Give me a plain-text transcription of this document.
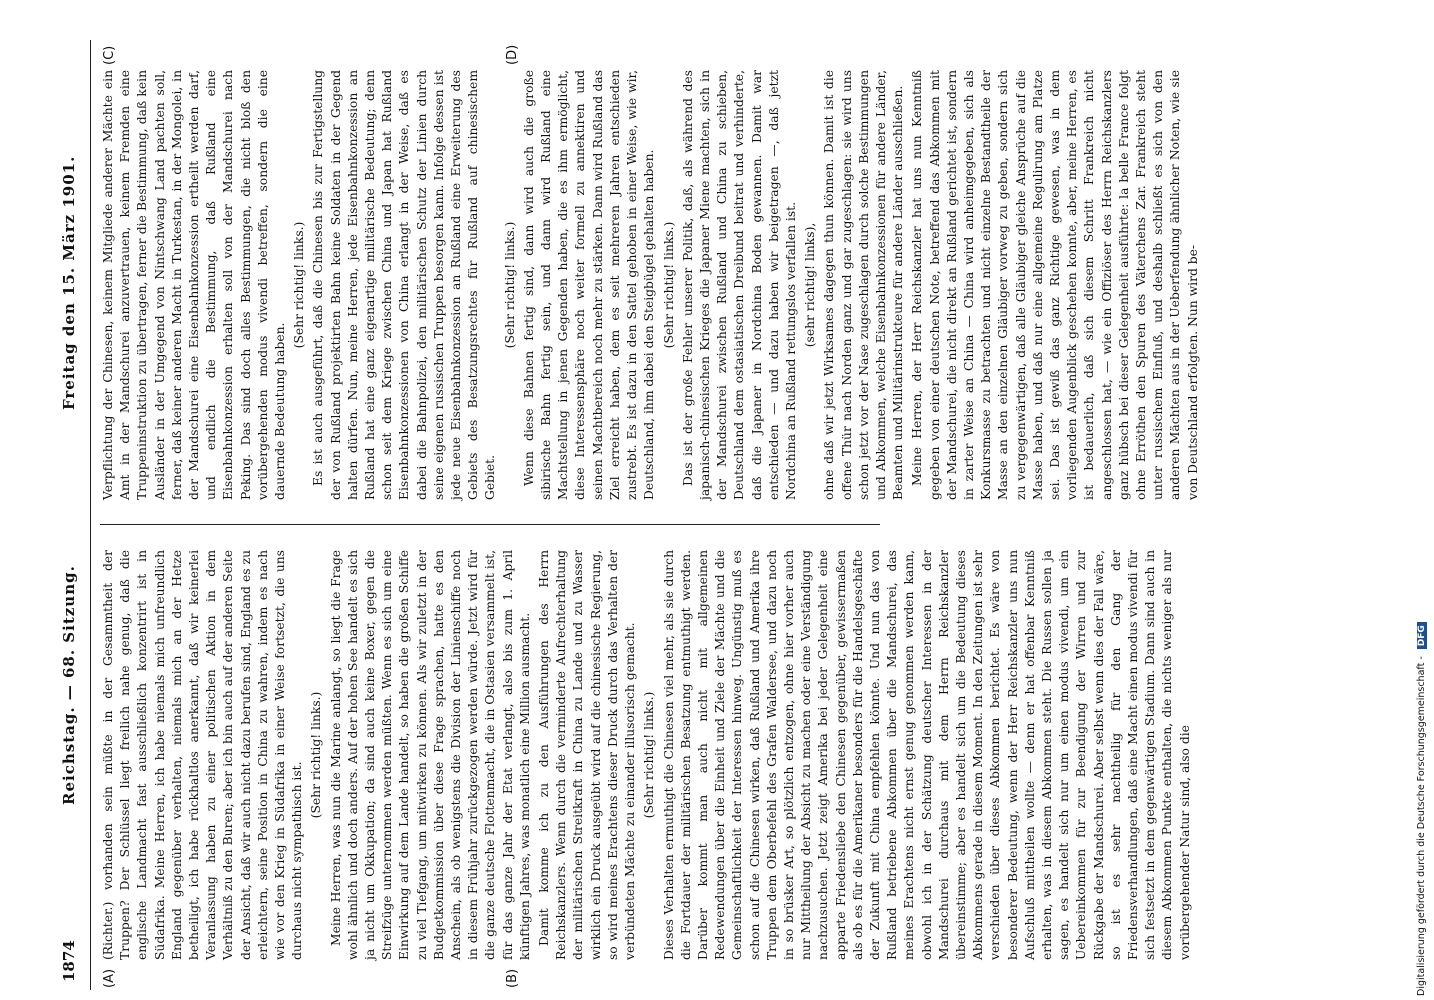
1874
Reichstag. — 68. Sitzung.
Freitag den 15. März 1901.
(A)	(B)
(C)	(D)

(Richter.) vorhanden sein müßte in der Gesammtheit der Truppen? Der Schlüssel liegt freilich nahe genug, daß die englische Landmacht fast ausschließlich konzentrirt ist in Südafrika. Meine Herren, ich habe niemals mich unfreundlich England gegenüber verhalten, niemals mich an der Hetze betheiligt, ich habe rückhaltlos anerkannt, daß wir keinerlei Veranlassung haben zu einer politischen Aktion in dem Verhältniß zu den Buren; aber ich bin auch auf der anderen Seite der Ansicht, daß wir auch nicht dazu berufen sind, England es zu erleichtern, seine Position in China zu wahren, indem es nach wie vor den Krieg in Südafrika in einer Weise fortsetzt, die uns durchaus nicht sympathisch ist.

(Sehr richtig! links.) Meine Herren, was nun die Marine anlangt, so liegt die Frage wohl ähnlich und doch anders. Auf der hohen See handelt es sich ja nicht um Okkupation; da sind auch keine Boxer, gegen die Streifzüge unternommen werden müßten. Wenn es sich um eine Einwirkung auf dem Lande handelt, so haben die großen Schiffe zu viel Tiefgang, um mitwirken zu können. Als wir zuletzt in der Budgetkommission über diese Frage sprachen, hatte es den Anschein, als ob wenigstens die Division der Linienschiffe noch in diesem Frühjahr zurückgezogen werden würde. Jetzt wird für die ganze deutsche Flottenmacht, die in Ostasien versammelt ist, für das ganze Jahr der Etat verlangt, also bis zum 1. April künftigen Jahres, was monatlich eine Million ausmacht. Damit komme ich zu den Ausführungen des Herrn Reichskanzlers. Wenn durch die verminderte Aufrechterhaltung der militärischen Streitkraft in China zu Lande und zu Wasser wirklich ein Druck ausgeübt wird auf die chinesische Regierung, so wird meines Erachtens dieser Druck durch das Verhalten der verbündeten Mächte zu einander illusorisch gemacht. (Sehr richtig! links.) Dieses Verhalten ermuthigt die Chinesen viel mehr, als sie durch die Fortdauer der militärischen Besatzung entmuthigt werden. Darüber kommt man auch nicht mit allgemeinen Redewendungen über die Einheit und Ziele der Mächte und die Gemeinschaftlichkeit der Interessen hinweg. Ungünstig muß es schon auf die Chinesen wirken, daß Rußland und Amerika ihre Truppen dem Oberbefehl des Grafen Waldersee, und dazu noch in so brüsker Art, so plötzlich entzogen, ohne hier vorher auch nur Mittheilung der Absicht zu machen oder eine Verständigung nachzusuchen. Jetzt zeigt Amerika bei jeder Gelegenheit eine apparte Friedensliebe den Chinesen gegenüber, gewissermaßen als ob es für die Amerikaner besonders für die Handelsgeschäfte der Zukunft mit China empfehlen könnte. Und nun das von Rußland betriebene Abkommen über die Mandschurei, das meines Erachtens nicht ernst genug genommen werden kann, obwohl ich in der Schätzung deutscher Interessen in der Mandschurei durchaus mit dem Herrn Reichskanzler übereinstimme; aber es handelt sich um die Bedeutung dieses Abkommens gerade in diesem Moment. In den Zeitungen ist sehr verschieden über dieses Abkommen berichtet. Es wäre von besonderer Bedeutung, wenn der Herr Reichskanzler uns nun Aufschluß mittheilen wollte — denn er hat offenbar Kenntniß erhalten, was in diesem Abkommen steht. Die Russen sollen ja sagen, es handelt sich nur um einen modus vivendi, um ein Uebereinkommen für zur Beendigung der Wirren und zur Rückgabe der Mandschurei. Aber selbst wenn dies der Fall wäre, so ist es sehr nachtheilig für den Gang der Friedensverhandlungen, daß eine Macht einen modus vivendi für sich festsetzt in dem gegenwärtigen Stadium. Dann sind auch in diesem Abkommen Punkte enthalten, die nichts weniger als nur vorübergehender Natur sind, also die

Verpflichtung der Chinesen, keinem Mitgliede anderer Mächte ein Amt in der Mandschurei anzuvertrauen, keinem Fremden eine Truppeninstruktion zu übertragen, ferner die Bestimmung, daß kein Ausländer in der Umgegend von Nintschwang Land pachten soll, ferner, daß keiner anderen Macht in Turkestan, in der Mongolei, in der Mandschurei eine Eisenbahnkonzession ertheilt werden darf, und endlich die Bestimmung, daß Rußland eine Eisenbahnkonzession erhalten soll von der Mandschurei nach Peking. Das sind doch alles Bestimmungen, die nicht bloß den vorübergehenden modus vivendi betreffen, sondern die eine dauernde Bedeutung haben.

(Sehr richtig! links.) Es ist auch ausgeführt, daß die Chinesen bis zur Fertigstellung der von Rußland projektirten Bahn keine Soldaten in der Gegend halten dürfen. Nun, meine Herren, jede Eisenbahnkonzession an Rußland hat eine ganz eigenartige militärische Bedeutung; denn schon seit dem Kriege zwischen China und Japan hat Rußland Eisenbahnkonzessionen von China erlangt in der Weise, daß es dabei die Bahnpolizei, den militärischen Schutz der Linien durch seine eigenen russischen Truppen besorgen kann. Infolge dessen ist jede neue Eisenbahnkonzession an Rußland eine Erweiterung des Gebiets des Besatzungsrechtes für Rußland auf chinesischem Gebiet.

(Sehr richtig! links.) Wenn diese Bahnen fertig sind, dann wird auch die große sibirische Bahn fertig sein, und dann wird Rußland eine Machtstellung in jenen Gegenden haben, die es ihm ermöglicht, diese Interessensphäre noch weiter formell zu annektiren und seinen Machtbereich noch mehr zu stärken. Dann wird Rußland das Ziel erreicht haben, dem es seit mehreren Jahren entschieden zustrebt. Es ist dazu in den Sattel gehoben in einer Weise, wie wir, Deutschland, ihm dabei den Steigbügel gehalten haben. (Sehr richtig! links.) Das ist der große Fehler unserer Politik, daß, als während des japanisch-chinesischen Krieges die Japaner Miene machten, sich in der Mandschurei zwischen Rußland und China zu schieben, Deutschland dem ostasiatischen Dreibund beitrat und verhinderte, daß die Japaner in Nordchina Boden gewannen. Damit war entschieden — und dazu haben wir beigetragen —, daß jetzt Nordchina an Rußland rettungslos verfallen ist. (sehr richtig! links), ohne daß wir jetzt Wirksames dagegen thun können. Damit ist die offene Thür nach Norden ganz und gar zugeschlagen: sie wird uns schon jetzt vor der Nase zugeschlagen durch solche Bestimmungen und Abkommen, welche Eisenbahnkonzessionen für andere Länder, Beamten und Militärinstrukteure für andere Länder ausschließen. Meine Herren, der Herr Reichskanzler hat uns nun Kenntniß gegeben von einer deutschen Note, betreffend das Abkommen mit der Mandschurei, die nicht direkt an Rußland gerichtet ist, sondern in zarter Weise an China — China wird anheimgegeben, sich als Konkursmasse zu betrachten und nicht einzelne Bestandtheile der Masse an den einzelnen Gläubiger vorweg zu geben, sondern sich zu vergegenwärtigen, daß alle Gläubiger gleiche Ansprüche auf die Masse haben, und daß nur eine allgemeine Regulirung am Platze sei. Das ist gewiß das ganz Richtige gewesen, was in dem vorliegenden Augenblick geschehen konnte, aber, meine Herren, es ist bedauerlich, daß sich diesem Schritt Frankreich nicht angeschlossen hat, — wie ein Offiziöser des Herrn Reichskanzlers ganz hübsch bei dieser Gelegenheit ausführte: la belle France folgt ohne Erröthen den Spuren des Väterchens Zar. Frankreich steht unter russischem Einfluß, und deshalb schließt es sich von den anderen Mächten aus in der Ueberfendung ähnlicher Noten, wie sie von Deutschland erfolgten. Nun wird be-

Digitalisierung gefördert durch die Deutsche Forschungsgemeinschaft - DFG
